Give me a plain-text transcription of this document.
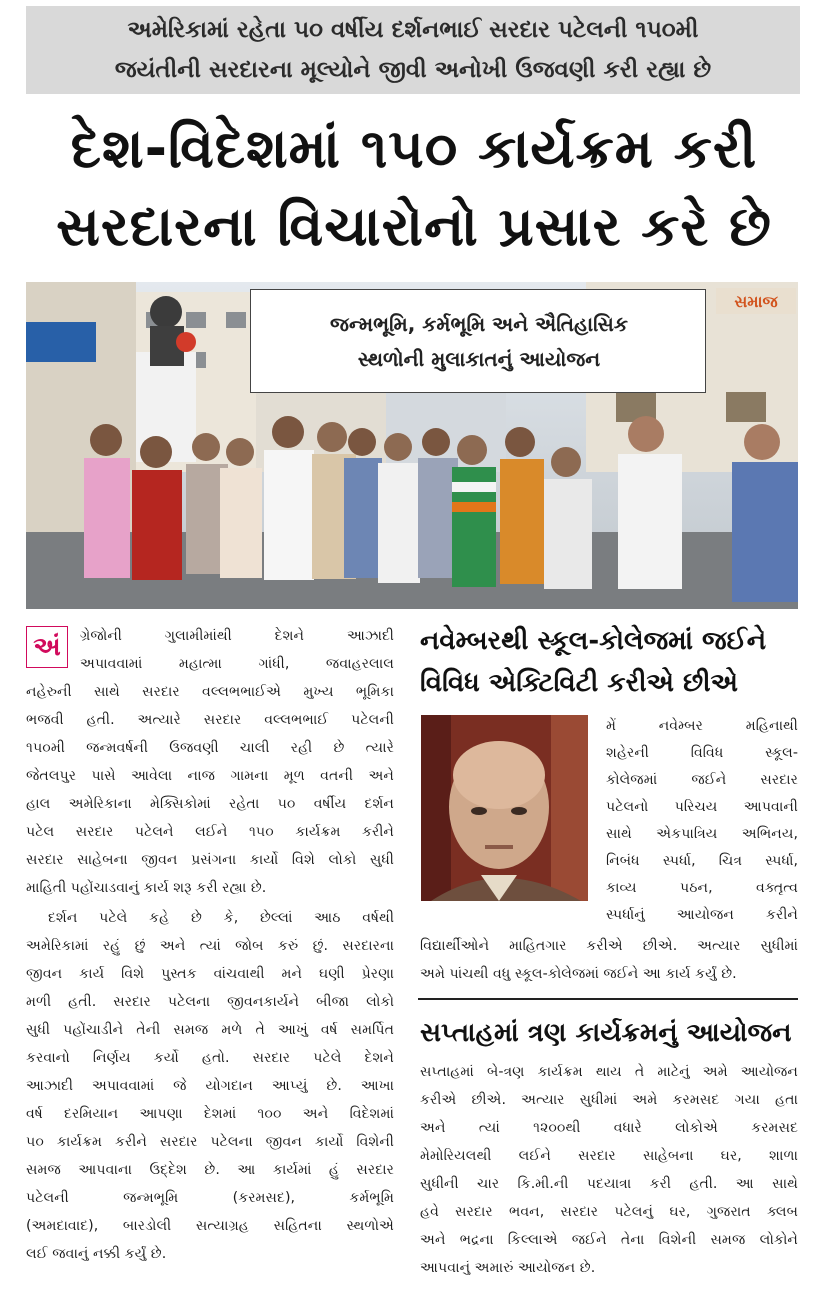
અમેરિકામાં રહેતા ૫૦ વર્ષીય દર્શનભાઈ સરદાર પટેલની ૧૫૦મી
જયંતીની સરદારના મૂલ્યોને જીવી અનોખી ઉજવણી કરી રહ્યા છે
દેશ-વિદેશમાં ૧૫૦ કાર્યક્રમ કરી
સરદારના વિચારોનો પ્રસાર કરે છે
સમાજ
જન્મભૂમિ, કર્મભૂમિ અને ઐતિહાસિક
સ્થળોની મુલાકાતનું આયોજન
અં	ગ્રેજોની ગુલામીમાંથી દેશને આઝાદી
અપાવવામાં મહાત્મા ગાંધી, જવાહરલાલ
નહેરુની સાથે સરદાર વલ્લભભાઈએ મુખ્ય ભૂમિકા
ભજવી હતી. અત્યારે સરદાર વલ્લભભાઈ પટેલની
૧૫૦મી જન્મવર્ષની ઉજવણી ચાલી રહી છે ત્યારે
જેતલપુર પાસે આવેલા નાજ ગામના મૂળ વતની અને
હાલ અમેરિકાના મેક્સિકોમાં રહેતા ૫૦ વર્ષીય દર્શન
પટેલ સરદાર પટેલને લઈને ૧૫૦ કાર્યક્રમ કરીને
સરદાર સાહેબના જીવન પ્રસંગના કાર્યો વિશે લોકો સુધી
માહિતી પહોંચાડવાનું કાર્ય શરૂ કરી રહ્યા છે.
દર્શન પટેલે કહે છે કે, છેલ્લાં આઠ વર્ષથી
અમેરિકામાં રહું છું અને ત્યાં જોબ કરું છું. સરદારના
જીવન કાર્ય વિશે પુસ્તક વાંચવાથી મને ઘણી પ્રેરણા
મળી હતી. સરદાર પટેલના જીવનકાર્યને બીજા લોકો
સુધી પહોંચાડીને તેની સમજ મળે તે આખું વર્ષ સમર્પિત
કરવાનો નિર્ણય કર્યો હતો. સરદાર પટેલે દેશને
આઝાદી અપાવવામાં જે યોગદાન આપ્યું છે. આખા
વર્ષ દરમિયાન આપણા દેશમાં ૧૦૦ અને વિદેશમાં
૫૦ કાર્યક્રમ કરીને સરદાર પટેલના જીવન કાર્યો વિશેની
સમજ આપવાના ઉદ્દેશ છે. આ કાર્યમાં હું સરદાર
પટેલની જન્મભૂમિ (કરમસદ), કર્મભૂમિ
(અમદાવાદ), બારડોલી સત્યાગ્રહ સહિતના સ્થળોએ
લઈ જવાનું નક્કી કર્યું છે.
નવેમ્બરથી સ્કૂલ-કોલેજમાં જઈને
વિવિધ એક્ટિવિટી કરીએ છીએ
મેં નવેમ્બર મહિનાથી
શહેરની વિવિધ સ્કૂલ-
કોલેજમાં જઈને સરદાર
પટેલનો પરિચય આપવાની
સાથે એકપાત્રિય અભિનય,
નિબંધ સ્પર્ધા, ચિત્ર સ્પર્ધા,
કાવ્ય પઠન, વક્તૃત્વ
સ્પર્ધાનું આયોજન કરીને
વિદ્યાર્થીઓને માહિતગાર કરીએ છીએ. અત્યાર સુધીમાં
અમે પાંચથી વધુ સ્કૂલ-કોલેજમાં જઈને આ કાર્ય કર્યું છે.
સપ્તાહમાં ત્રણ કાર્યક્રમનું આયોજન
સપ્તાહમાં બે-ત્રણ કાર્યક્રમ થાય તે માટેનું અમે આયોજન
કરીએ છીએ. અત્યાર સુધીમાં અમે કરમસદ ગયા હતા
અને ત્યાં ૧૨૦૦થી વધારે લોકોએ કરમસદ
મેમોરિયલથી લઈને સરદાર સાહેબના ઘર, શાળા
સુધીની ચાર કિ.મી.ની પદયાત્રા કરી હતી. આ સાથે
હવે સરદાર ભવન, સરદાર પટેલનું ઘર, ગુજરાત ક્લબ
અને ભદ્રના કિલ્લાએ જઈને તેના વિશેની સમજ લોકોને
આપવાનું અમારું આયોજન છે.
